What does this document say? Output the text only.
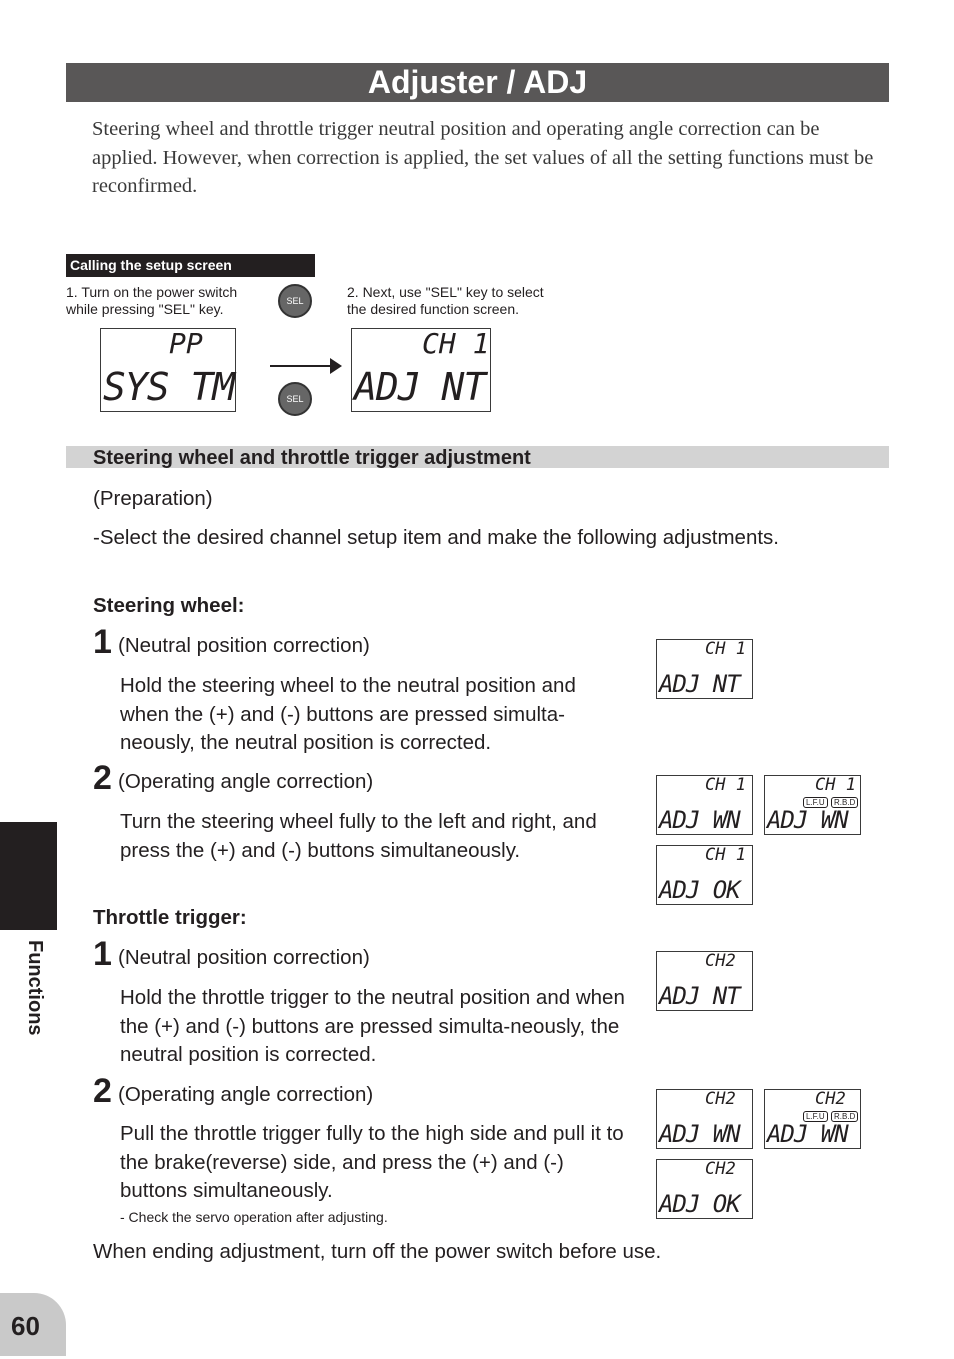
Adjuster / ADJ
Steering wheel and throttle trigger neutral position and operating angle correction can be applied. However, when correction is applied, the set values of all the setting functions must be reconfirmed.
Calling the setup screen
1. Turn on the power switch while pressing "SEL" key.
2. Next, use "SEL" key to select the desired function screen.
SEL
SEL
PP
SYS TM
CH 1
ADJ NT
Steering wheel and throttle trigger adjustment
(Preparation)
-Select the desired channel setup item and make the following adjustments.
Steering wheel:
1 (Neutral position correction)
Hold the steering wheel to the neutral position and when the (+) and (-) buttons are pressed simulta-neously, the neutral position is corrected.
2 (Operating angle correction)
Turn the steering wheel fully to the left and right, and press the (+) and (-) buttons simultaneously.
Throttle trigger:
1 (Neutral position correction)
Hold the throttle trigger to the neutral position and when the (+) and (-) buttons are pressed simulta-neously, the neutral position is corrected.
2 (Operating angle correction)
Pull the throttle trigger fully to the high side and pull it to the brake(reverse) side, and press the (+) and (-) buttons simultaneously.
- Check the servo operation after adjusting.
When ending adjustment, turn off the power switch before use.
CH 1
ADJ NT
CH 1
ADJ WN
CH 1
L.F.U	R.B.D
ADJ WN
CH 1
ADJ OK
CH2
ADJ NT
CH2
ADJ WN
CH2
L.F.U	R.B.D
ADJ WN
CH2
ADJ OK
Functions
60
